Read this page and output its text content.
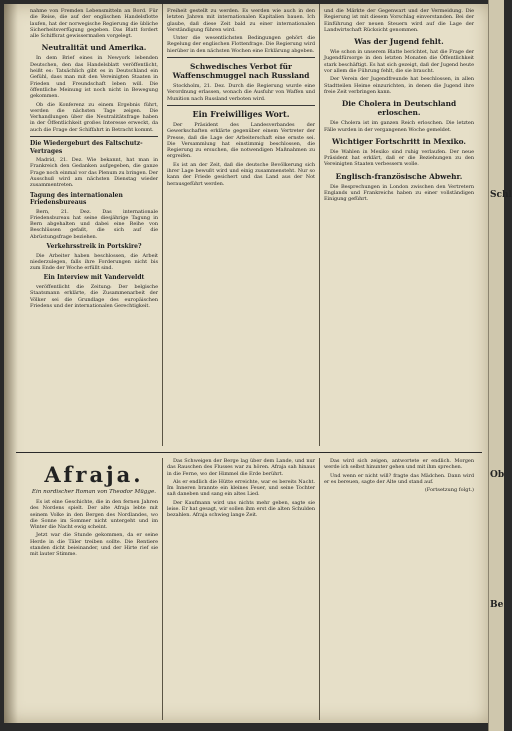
nahme von Fremden Lebensmitteln an Bord. Für die Reise, die auf der englischen Handelsflotte laufen, hat der norwegische Regierung die übliche Sicherheitsverfügung gegeben. Das Blatt fordert alle Schiffsrat gewissermaßen vorgelegt.

Neutralität und Amerika.

In dem Brief eines in Newyork lebenden Deutschen, den das Handelsblatt veröffentlicht, heißt es: Tatsächlich gibt es in Deutschland ein Gefühl, dass man mit den Vereinigten Staaten in Frieden und Freundschaft leben will. Die öffentliche Meinung ist noch nicht in Bewegung gekommen.

Ob die Konferenz zu einem Ergebnis führt, werden die nächsten Tage zeigen. Die Verhandlungen über die Neutralitätsfrage haben in der Öffentlichkeit großes Interesse erweckt, da auch die Frage der Schiffahrt in Betracht kommt.

Die Wiedergeburt des Faltschutz-Vertrages

Madrid, 21. Dez. Wie bekannt, hat man in Frankreich den Gedanken aufgegeben, die ganze Frage noch einmal vor das Plenum zu bringen. Der Ausschuß wird am nächsten Dienstag wieder zusammentreten.

Tagung des internationalen Friedensbureaus

Bern, 21. Dez. Das internationale Friedensbureau hat seine diesjährige Tagung in Bern abgehalten und dabei eine Reihe von Beschlüssen gefaßt, die sich auf die Abrüstungsfrage beziehen.

Verkehrsstreik in Portskire?

Die Arbeiter haben beschlossen, die Arbeit niederzulegen, falls ihre Forderungen nicht bis zum Ende der Woche erfüllt sind.

Ein Interview mit Vanderveldt

veröffentlicht die Zeitung: Der belgische Staatsmann erklärte, die Zusammenarbeit der Völker sei die Grundlage des europäischen Friedens und der internationalen Gerechtigkeit.

Freiheit gestellt zu werden. Es werden wie auch in den letzten Jahren mit internationalen Kapitalien bauen. Ich glaube, daß diese Zeit bald zu einer internationalen Verständigung führen wird.

Unter die wesentlichsten Bedingungen gehört die Regelung der englischen Flottenfrage. Die Regierung wird hierüber in den nächsten Wochen eine Erklärung abgeben.

Schwedisches Verbot für Waffenschmuggel nach Russland

Stockholm, 21. Dez. Durch die Regierung wurde eine Verordnung erlassen, wonach die Ausfuhr von Waffen und Munition nach Russland verboten wird.

Ein Freiwilliges Wort.

Der Präsident des Landesverbandes der Gewerkschaften erklärte gegenüber einem Vertreter der Presse, daß die Lage der Arbeiterschaft eine ernste sei. Die Versammlung hat einstimmig beschlossen, die Regierung zu ersuchen, die notwendigen Maßnahmen zu ergreifen.

Es ist an der Zeit, daß die deutsche Bevölkerung sich ihrer Lage bewußt wird und einig zusammensteht. Nur so kann der Friede gesichert und das Land aus der Not herausgeführt werden.

und die Märkte der Gegenwart und der Vermeidung. Die Regierung ist mit diesem Vorschlag einverstanden. Bei der Einführung der neuen Steuern wird auf die Lage der Landwirtschaft Rücksicht genommen.

Was der Jugend fehlt.

Wie schon in unserem Blatte berichtet, hat die Frage der Jugendfürsorge in den letzten Monaten die Öffentlichkeit stark beschäftigt. Es hat sich gezeigt, daß der Jugend heute vor allem die Führung fehlt, die sie braucht.

Der Verein der Jugendfreunde hat beschlossen, in allen Stadtteilen Heime einzurichten, in denen die Jugend ihre freie Zeit verbringen kann.

Die Cholera in Deutschland erloschen.

Die Cholera ist im ganzen Reich erloschen. Die letzten Fälle wurden in der vergangenen Woche gemeldet.

Wichtiger Fortschritt in Mexiko.

Die Wahlen in Mexiko sind ruhig verlaufen. Der neue Präsident hat erklärt, daß er die Beziehungen zu den Vereinigten Staaten verbessern wolle.

Englisch-französische Abwehr.

Die Besprechungen in London zwischen den Vertretern Englands und Frankreichs haben zu einer vollständigen Einigung geführt.

Afraja.
Ein nordischer Roman von Theodor Mügge.

Es ist eine Geschichte, die in den fernen Jahren des Nordens spielt. Der alte Afraja lebte mit seinem Volke in den Bergen des Nordlandes, wo die Sonne im Sommer nicht untergeht und im Winter die Nacht ewig scheint.

Jetzt war die Stunde gekommen, da er seine Herde in die Täler treiben sollte. Die Rentiere standen dicht beieinander, und der Hirte rief sie mit lauter Stimme.

Das Schweigen der Berge lag über dem Lande, und nur das Rauschen des Flusses war zu hören. Afraja sah hinaus in die Ferne, wo der Himmel die Erde berührt.

Als er endlich die Hütte erreichte, war es bereits Nacht. Im Inneren brannte ein kleines Feuer, und seine Tochter saß daneben und sang ein altes Lied.

Der Kaufmann wird uns nichts mehr geben, sagte sie leise. Er hat gesagt, wir sollen ihm erst die alten Schulden bezahlen. Afraja schwieg lange Zeit.

Das wird sich zeigen, antwortete er endlich. Morgen werde ich selbst hinunter gehen und mit ihm sprechen.

Und wenn er nicht will? fragte das Mädchen. Dann wird er es bereuen, sagte der Alte und stand auf.

(Fortsetzung folgt.)
Schl
Ob
Be
